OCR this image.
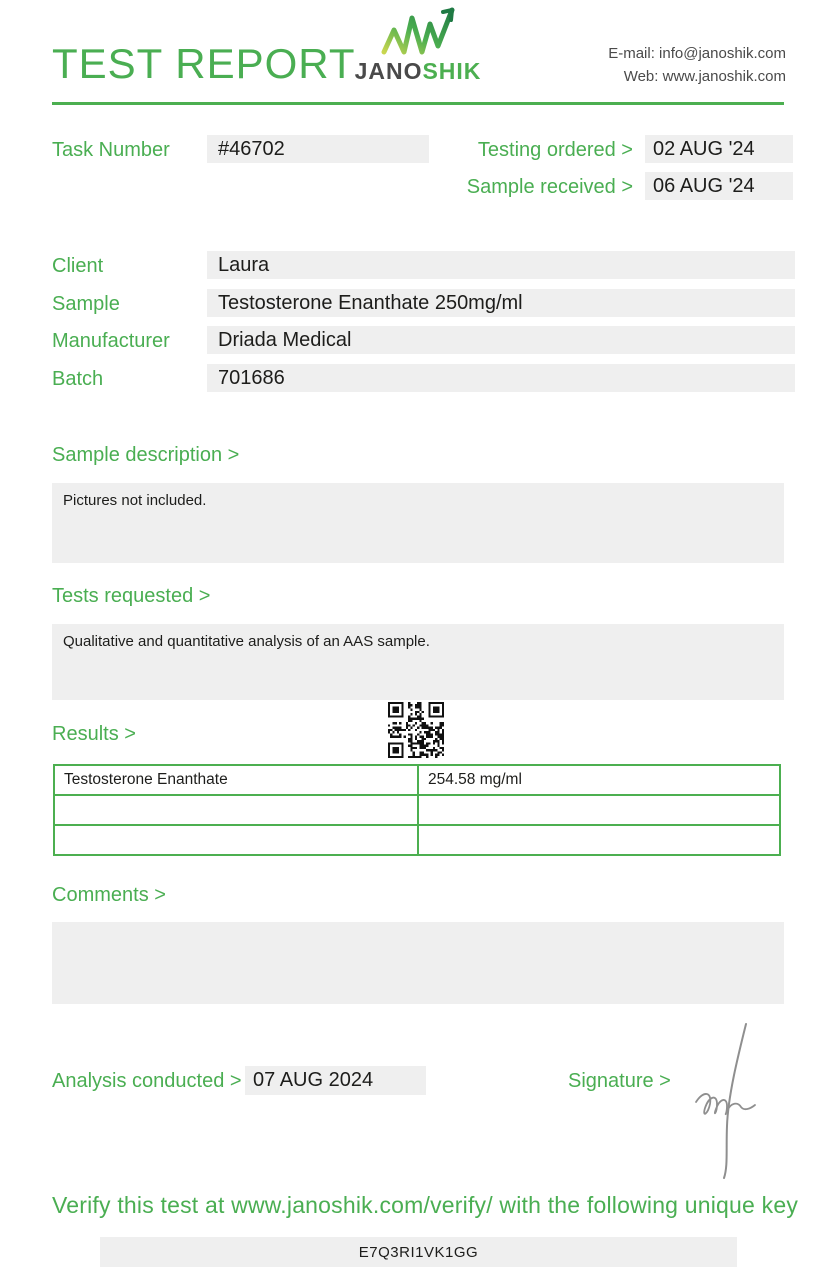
TEST REPORT JANOSHIK
E-mail: info@janoshik.com
Web: www.janoshik.com
Task Number	#46702	Testing ordered >	02 AUG '24
Sample received >	06 AUG '24
Client	Laura
Sample	Testosterone Enanthate 250mg/ml
Manufacturer	Driada Medical
Batch	701686
Sample description >
Pictures not included.
Tests requested >
Qualitative and quantitative analysis of an AAS sample.
Results >
Testosterone Enanthate	254.58 mg/ml

Comments >
Analysis conducted > 07 AUG 2024	Signature >
Verify this test at www.janoshik.com/verify/ with the following unique key
E7Q3RI1VK1GG
